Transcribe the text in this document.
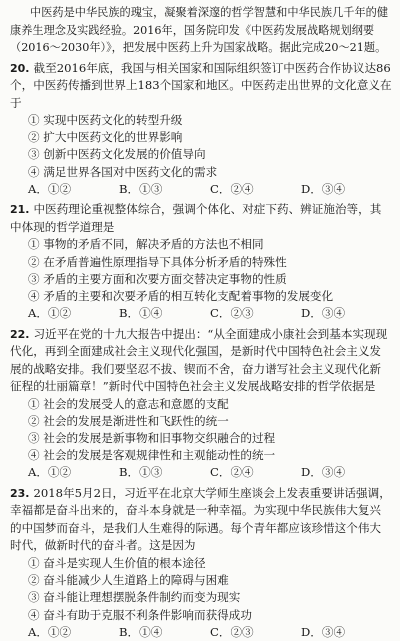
中医药是中华民族的瑰宝，凝聚着深邃的哲学智慧和中华民族几千年的健康养生理念及实践经验。2016年，国务院印发《中医药发展战略规划纲要（2016～2030年）》，把发展中医药上升为国家战略。据此完成20～21题。

20. 截至2016年底，我国与相关国家和国际组织签订中医药合作协议达86个，中医药传播到世界上183个国家和地区。中医药走出世界的文化意义在于

① 实现中医药文化的转型升级

② 扩大中医药文化的世界影响

③ 创新中医药文化发展的价值导向

④ 满足世界各国对中医药文化的需求

A．①②	B．①③	C．②④	D．③④

21. 中医药理论重视整体综合，强调个体化、对症下药、辨证施治等，其中体现的哲学道理是

① 事物的矛盾不同，解决矛盾的方法也不相同

② 在矛盾普遍性原理指导下具体分析矛盾的特殊性

③ 矛盾的主要方面和次要方面交替决定事物的性质

④ 矛盾的主要和次要矛盾的相互转化支配着事物的发展变化

A．①②	B．①④	C．②③	D．③④

22. 习近平在党的十九大报告中提出：“从全面建成小康社会到基本实现现代化，再到全面建成社会主义现代化强国，是新时代中国特色社会主义发展的战略安排。我们要坚忍不拔、锲而不舍，奋力谱写社会主义现代化新征程的壮丽篇章！”新时代中国特色社会主义发展战略安排的哲学依据是

① 社会的发展受人的意志和意愿的支配

② 社会的发展是渐进性和飞跃性的统一

③ 社会的发展是新事物和旧事物交织融合的过程

④ 社会的发展是客观规律性和主观能动性的统一

A．①②	B．①③	C．②④	D．③④

23. 2018年5月2日，习近平在北京大学师生座谈会上发表重要讲话强调，幸福都是奋斗出来的，奋斗本身就是一种幸福。为实现中华民族伟大复兴的中国梦而奋斗，是我们人生难得的际遇。每个青年都应该珍惜这个伟大时代，做新时代的奋斗者。这是因为

① 奋斗是实现人生价值的根本途径

② 奋斗能减少人生道路上的障碍与困难

③ 奋斗能让理想摆脱条件制约而变为现实

④ 奋斗有助于克服不利条件影响而获得成功

A．①②	B．①④	C．②③	D．③④
